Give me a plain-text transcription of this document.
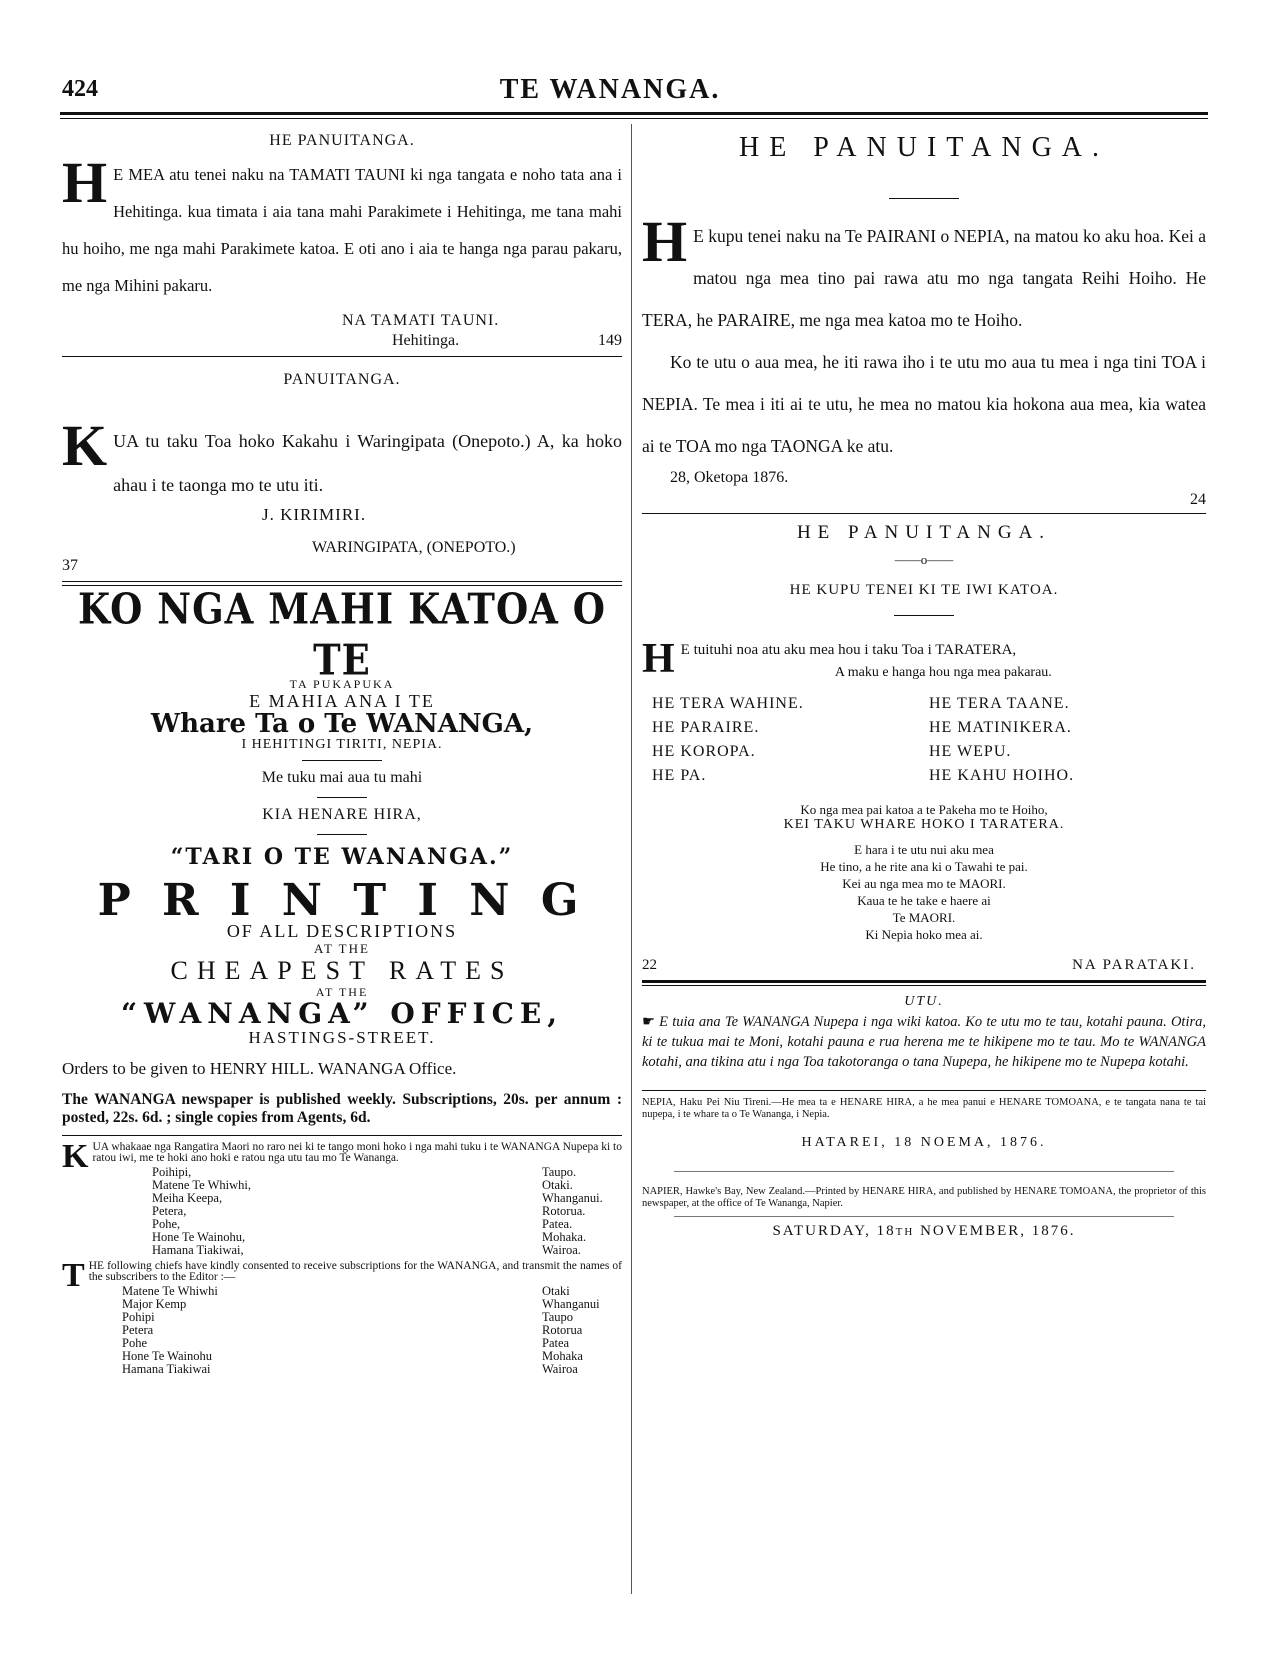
424	TE WANANGA.
HE PANUITANGA.
H E MEA atu tenei naku na TAMATI TAUNI ki nga tangata e noho tata ana i Hehitinga. kua timata i aia tana mahi Parakimete i Hehitinga, me tana mahi hu hoiho, me nga mahi Parakimete katoa. E oti ano i aia te hanga nga parau pakaru, me nga Mihini pakaru.
NA TAMATI TAUNI.
Hehitinga.	149
PANUITANGA.
KUA tu taku Toa hoko Kakahu i Waringipata (Onepoto.) A, ka hoko ahau i te taonga mo te utu iti.
J. KIRIMIRI.
WARINGIPATA, (ONEPOTO.)
37
KO NGA MAHI KATOA O TE
TA PUKAPUKA
E MAHIA ANA I TE
Whare Ta o Te WANANGA,
I HEHITINGI TIRITI, NEPIA.
Me tuku mai aua tu mahi
KIA HENARE HIRA,
“TARI O TE WANANGA.”
P R I N T I N G
OF ALL DESCRIPTIONS
AT THE
CHEAPEST RATES
AT THE
“WANANGA” OFFICE,
HASTINGS-STREET.
Orders to be given to HENRY HILL. WANANGA Office.
The WANANGA newspaper is published weekly. Subscriptions, 20s. per annum : posted, 22s. 6d. ; single copies from Agents, 6d.
KUA whakaae nga Rangatira Maori no raro nei ki te tango moni hoko i nga mahi tuku i te WANANGA Nupepa ki to ratou iwi, me te hoki ano hoki e ratou nga utu tau mo Te Wananga.
Poihipi,	Taupo.
Matene Te Whiwhi,	Otaki.
Meiha Keepa,	Whanganui.
Petera,	Rotorua.
Pohe,	Patea.
Hone Te Wainohu,	Mohaka.
Hamana Tiakiwai,	Wairoa.
THE following chiefs have kindly consented to receive subscriptions for the WANANGA, and transmit the names of the subscribers to the Editor :—
Matene Te Whiwhi	Otaki
Major Kemp	Whanganui
Pohipi	Taupo
Petera	Rotorua
Pohe	Patea
Hone Te Wainohu	Mohaka
Hamana Tiakiwai	Wairoa
HE PANUITANGA.
H E kupu tenei naku na Te PAIRANI o NEPIA, na matou ko aku hoa. Kei a matou nga mea tino pai rawa atu mo nga tangata Reihi Hoiho. He TERA, he PARAIRE, me nga mea katoa mo te Hoiho.
Ko te utu o aua mea, he iti rawa iho i te utu mo aua tu mea i nga tini TOA i NEPIA. Te mea i iti ai te utu, he mea no matou kia hokona aua mea, kia watea ai te TOA mo nga TAONGA ke atu.
28, Oketopa 1876.
24
HE PANUITANGA.
——o——
HE KUPU TENEI KI TE IWI KATOA.
H E tuituhi noa atu aku mea hou i taku Toa i TARATERA,
A maku e hanga hou nga mea pakarau.
HE TERA WAHINE.	HE TERA TAANE.
HE PARAIRE.	HE MATINIKERA.
HE KOROPA.	HE WEPU.
HE PA.	HE KAHU HOIHO.
Ko nga mea pai katoa a te Pakeha mo te Hoiho,
KEI TAKU WHARE HOKO I TARATERA.
E hara i te utu nui aku mea
He tino, a he rite ana ki o Tawahi te pai.
Kei au nga mea mo te MAORI.
Kaua te he take e haere ai
Te MAORI.
Ki Nepia hoko mea ai.
22	NA PARATAKI.
UTU.
☛ E tuia ana Te WANANGA Nupepa i nga wiki katoa. Ko te utu mo te tau, kotahi pauna. Otira, ki te tukua mai te Moni, kotahi pauna e rua herena me te hikipene mo te tau. Mo te WANANGA kotahi, ana tikina atu i nga Toa takotoranga o tana Nupepa, he hikipene mo te Nupepa kotahi.
NEPIA, Haku Pei Niu Tireni.—He mea ta e HENARE HIRA, a he mea panui e HENARE TOMOANA, e te tangata nana te tai nupepa, i te whare ta o Te Wananga, i Nepia.
HATAREI, 18 NOEMA, 1876.
NAPIER, Hawke's Bay, New Zealand.—Printed by HENARE HIRA, and published by HENARE TOMOANA, the proprietor of this newspaper, at the office of Te Wananga, Napier.
SATURDAY, 18th NOVEMBER, 1876.
